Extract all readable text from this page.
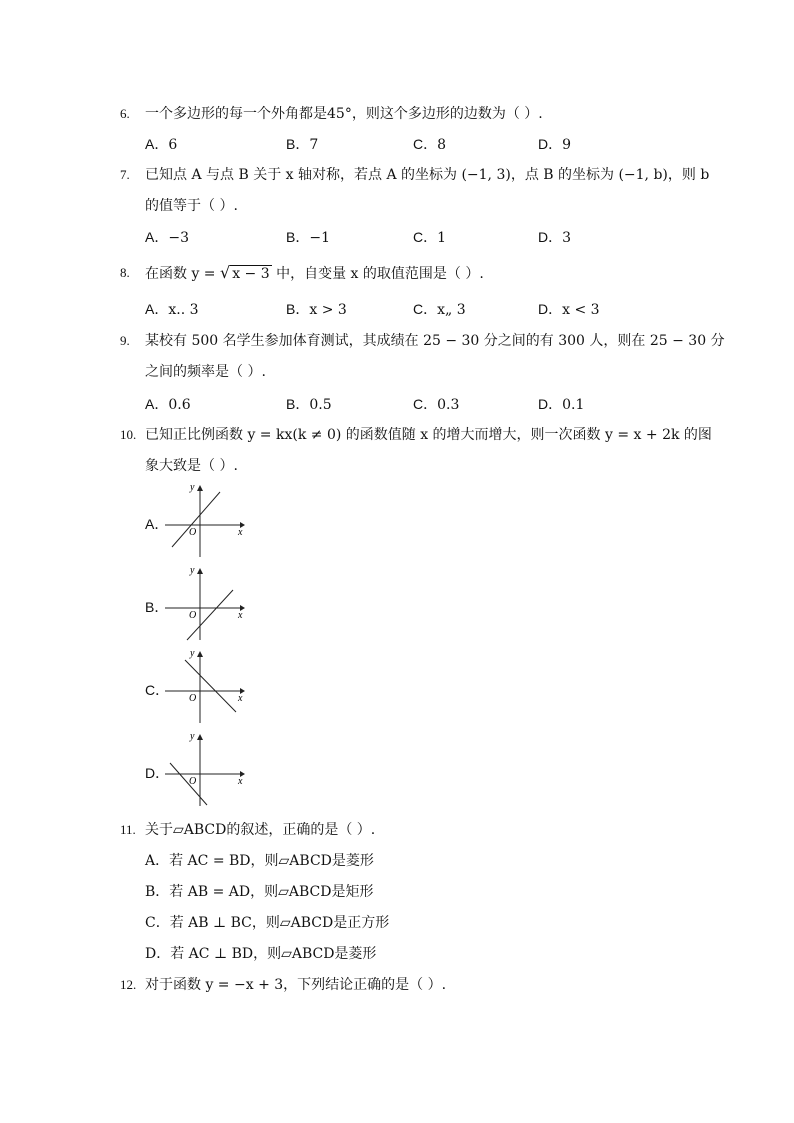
6. 一个多边形的每一个外角都是45°，则这个多边形的边数为（ ）.
A．6	B．7	C．8	D．9
7. 已知点 A 与点 B 关于 x 轴对称，若点 A 的坐标为 (−1, 3)，点 B 的坐标为 (−1, b)，则 b
的值等于（ ）.
A．−3	B．−1	C．1	D．3
8. 在函数 y = √ x − 3 中，自变量 x 的取值范围是（ ）.
A．x.. 3	B．x > 3	C．x„ 3	D．x < 3
9. 某校有 500 名学生参加体育测试，其成绩在 25 − 30 分之间的有 300 人，则在 25 − 30 分
之间的频率是（ ）.
A．0.6	B．0.5	C．0.3	D．0.1
10. 已知正比例函数 y = kx(k ≠ 0) 的函数值随 x 的增大而增大，则一次函数 y = x + 2k 的图
象大致是（ ）.
A．
y
x
O
B．
y
x
O
C．
y
x
O
D．
y
x
O
11. 关于▱ABCD的叙述，正确的是（ ）.
A．若 AC = BD，则▱ABCD是菱形
B．若 AB = AD，则▱ABCD是矩形
C．若 AB ⊥ BC，则▱ABCD是正方形
D．若 AC ⊥ BD，则▱ABCD是菱形
12. 对于函数 y = −x + 3，下列结论正确的是（ ）.
